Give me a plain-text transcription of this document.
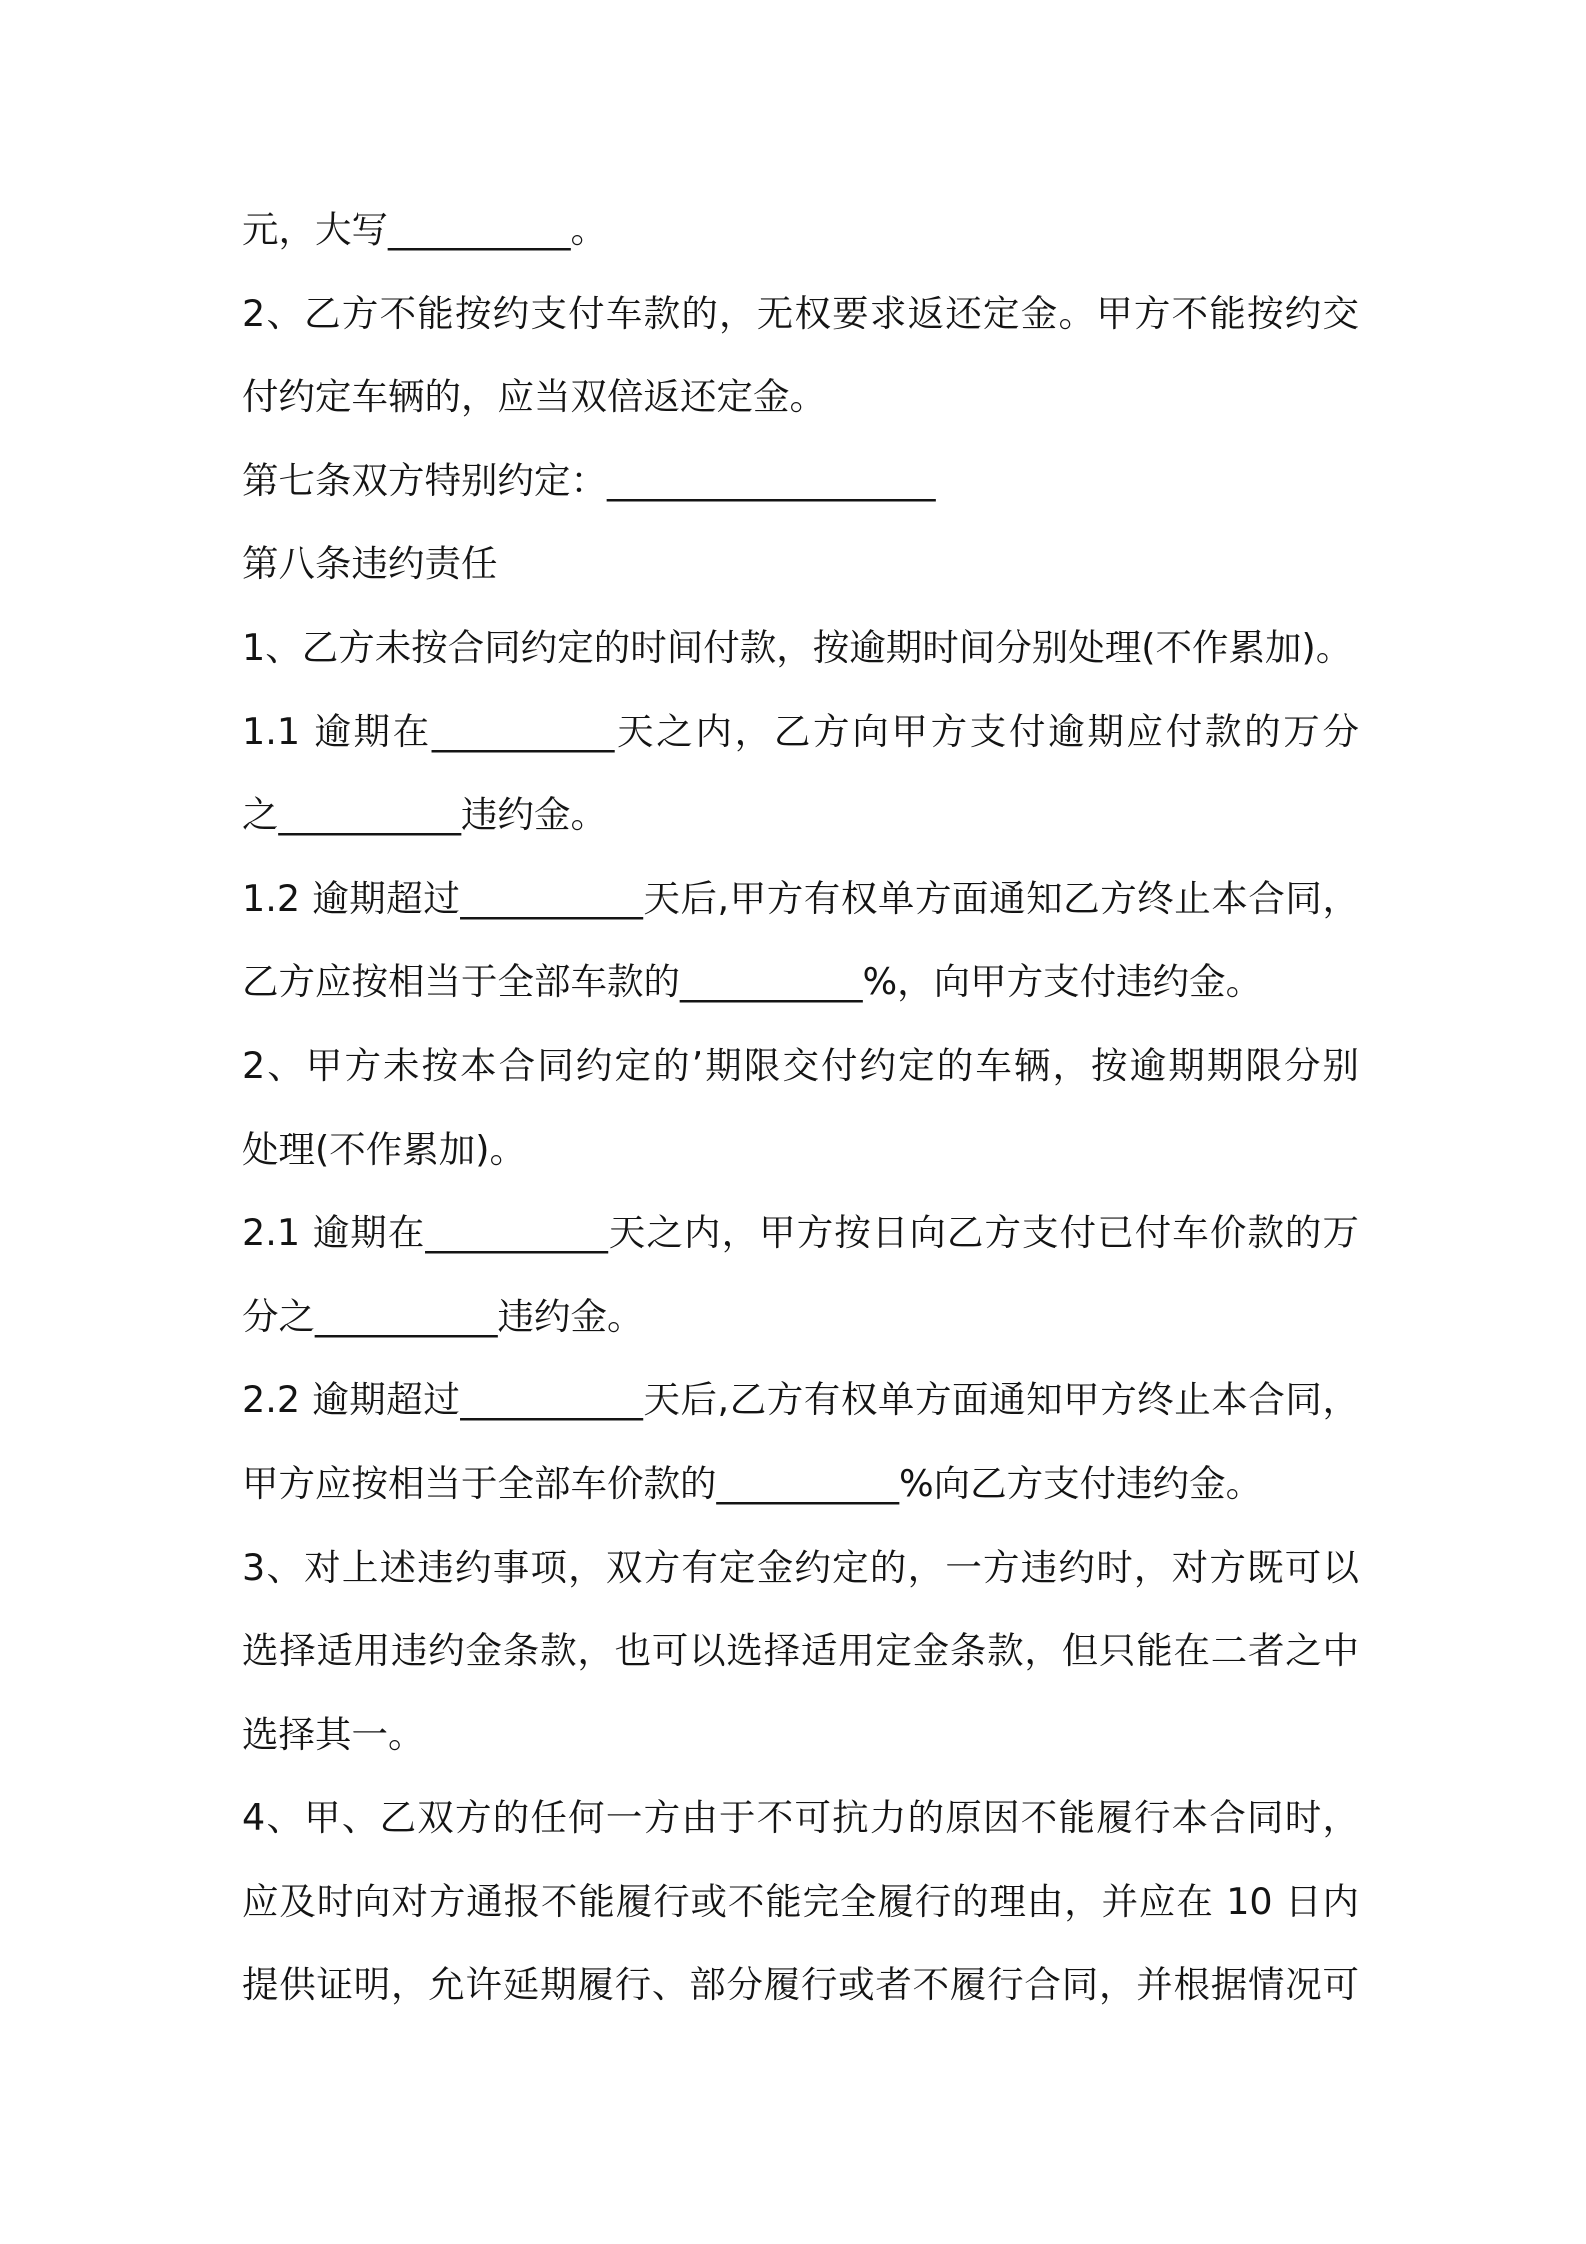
元，大写__________。
2、乙方不能按约支付车款的，无权要求返还定金。甲方不能按约交
付约定车辆的，应当双倍返还定金。
第七条双方特别约定：__________________
第八条违约责任
1、乙方未按合同约定的时间付款，按逾期时间分别处理(不作累加)。
1.1 逾期在__________天之内，乙方向甲方支付逾期应付款的万分
之__________违约金。
1.2 逾期超过__________天后,甲方有权单方面通知乙方终止本合同，
乙方应按相当于全部车款的__________%，向甲方支付违约金。
2、甲方未按本合同约定的’期限交付约定的车辆，按逾期期限分别
处理(不作累加)。
2.1 逾期在__________天之内，甲方按日向乙方支付已付车价款的万
分之__________违约金。
2.2 逾期超过__________天后,乙方有权单方面通知甲方终止本合同，
甲方应按相当于全部车价款的__________%向乙方支付违约金。
3、对上述违约事项，双方有定金约定的，一方违约时，对方既可以
选择适用违约金条款，也可以选择适用定金条款，但只能在二者之中
选择其一。
4、甲、乙双方的任何一方由于不可抗力的原因不能履行本合同时，
应及时向对方通报不能履行或不能完全履行的理由，并应在 10 日内
提供证明，允许延期履行、部分履行或者不履行合同，并根据情况可
